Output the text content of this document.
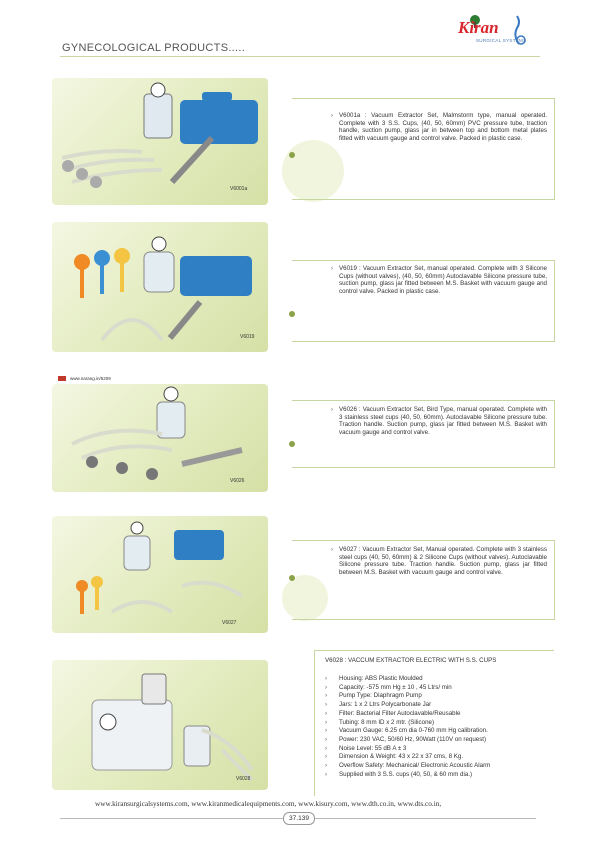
GYNECOLOGICAL PRODUCTS.....
Kiran
SURGICAL SYSTEMS
V6001a
› V6001a : Vacuum Extractor Set, Malmstorm type, manual operated. Complete with 3 S.S. Cups, (40, 50, 60mm) PVC pressure tube, traction handle, suction pump, glass jar in between top and bottom metal plates fitted with vacuum gauge and control valve. Packed in plastic case.
V6019
› V6019 : Vacuum Extractor Set, manual operated. Complete with 3 Silicone Cups (without valves), (40, 50, 60mm) Autoclavable Silicone pressure tube, suction pump, glass jar fitted between M.S. Basket with vacuum gauge and control valve. Packed in plastic case.
www.narang.in/5209
V6026
› V6026 : Vacuum Extractor Set, Bird Type, manual operated. Complete with 3 stainless steel cups (40, 50, 60mm). Autoclavable Silicone pressure tube. Traction handle. Suction pump, glass jar fitted between M.S. Basket with vacuum gauge and control valve.
V6027
› V6027 : Vacuum Extractor Set, Manual operated. Complete with 3 stainless steel cups (40, 50, 60mm) & 2 Silicone Cups (without valves). Autoclavable Silicone pressure tube. Traction handle. Suction pump, glass jar fitted between M.S. Basket with vacuum gauge and control valve.
V6028
V6028 : VACCUM EXTRACTOR ELECTRIC WITH S.S. CUPS
› Housing: ABS Plastic Moulded
› Capacity: -575 mm Hg ± 10 , 45 Ltrs/ min
› Pump Type: Diaphragm Pump
› Jars: 1 x 2 Ltrs Polycarbonate Jar
› Filter: Bacterial Filter Autoclavable/Reusable
› Tubing: 8 mm ID x 2 mtr. (Silicone)
› Vacuum Gauge: 6.25 cm dia 0-760 mm Hg calibration.
› Power: 230 VAC, 50/60 Hz, 90Watt (110V on request)
› Noise Level: 55 dB A ± 3
› Dimension & Weight: 43 x 22 x 37 cms, 8 Kg.
› Overflow Safety: Mechanical/ Electronic Acoustic Alarm
› Supplied with 3 S.S. cups (40, 50, & 60 mm dia.)
www.kiransurgicalsystems.com, www.kiranmedicalequipments.com, www.kisury.com, www.dth.co.in, www.dts.co.in,
37.139
